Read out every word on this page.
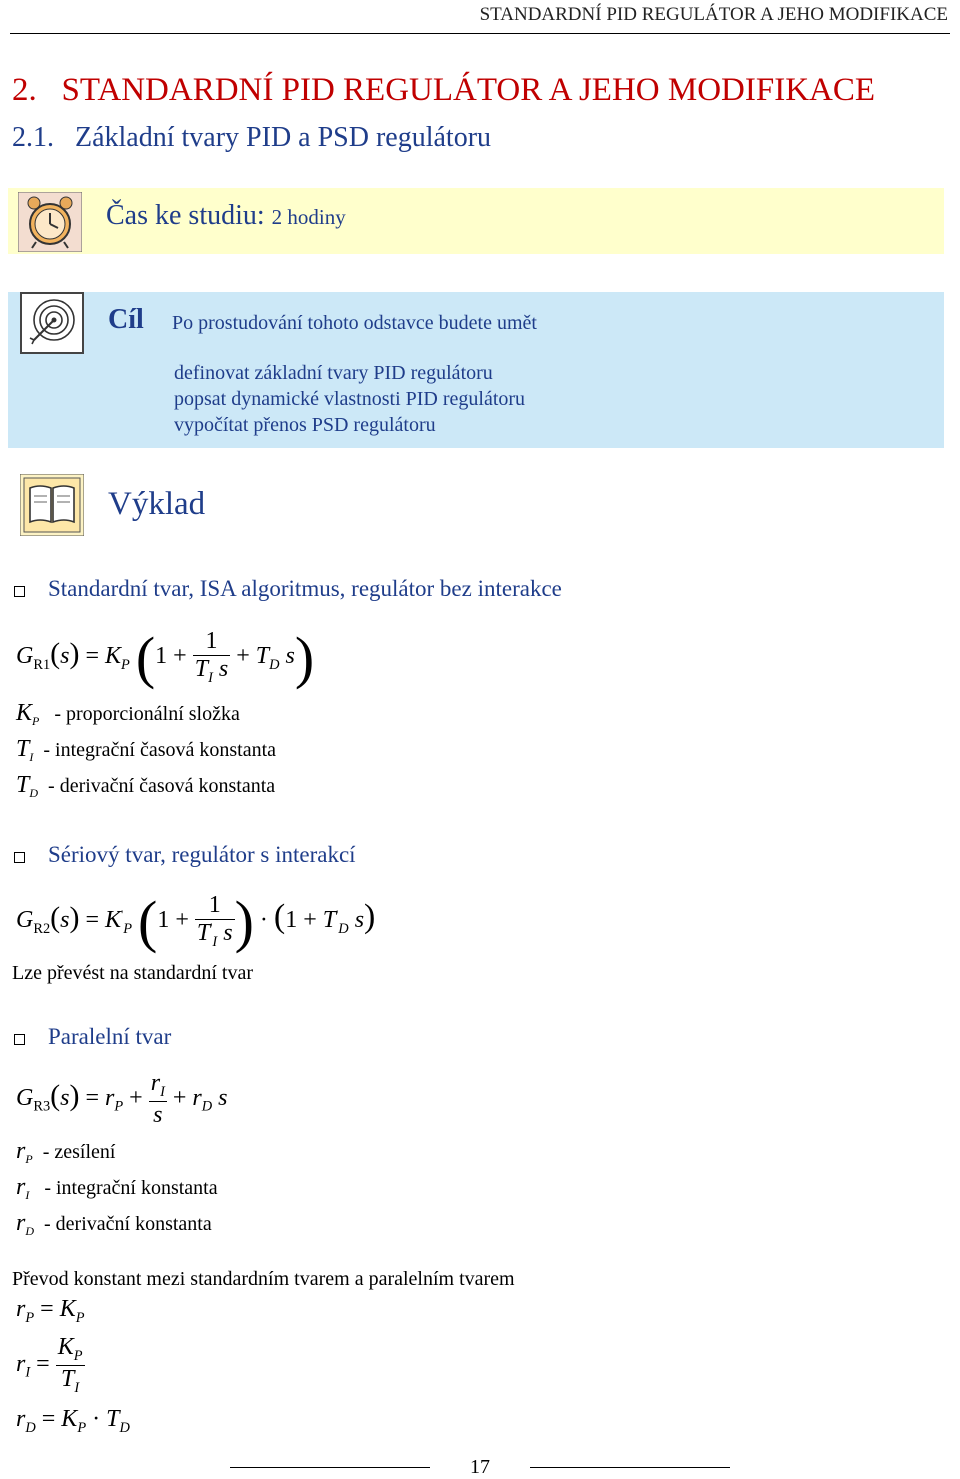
STANDARDNÍ PID REGULÁTOR A JEHO MODIFIKACE
2.   STANDARDNÍ PID REGULÁTOR A JEHO MODIFIKACE
2.1.   Základní tvary PID a PSD regulátoru
Čas ke studiu: 2 hodiny
Cíl Po prostudování tohoto odstavce budete umět
definovat základní tvary PID regulátoru
popsat dynamické vlastnosti PID regulátoru
vypočítat přenos PSD regulátoru
Výklad
Standardní tvar, ISA algoritmus, regulátor bez interakce
$G_{R1}(s) = K_P$ ($1 + \frac{1}{T_I s} + T_D$ s)
$K_P$ - proporcionální složka
$T_I$ - integrační časová konstanta
$T_D$ - derivační časová konstanta
Sériový tvar, regulátor s interakcí
$G_{R2}(s) = K'_P$ ($1 + \frac{1}{T'_I s}$ ) · ($1 + T'_D$ s)
Lze převést na standardní tvar
Paralelní tvar
$G_{R3}(s) = r_P + \frac{r_I}{s} + r_D$ s
$r_P$ - zesílení
$r_I$ - integrační konstanta
$r_D$ - derivační konstanta
Převod konstant mezi standardním tvarem a paralelním tvarem
$r_P = K_P$
$r_I = \frac{K_P}{T_I}$
$r_D = K_P \cdot T_D$
17
